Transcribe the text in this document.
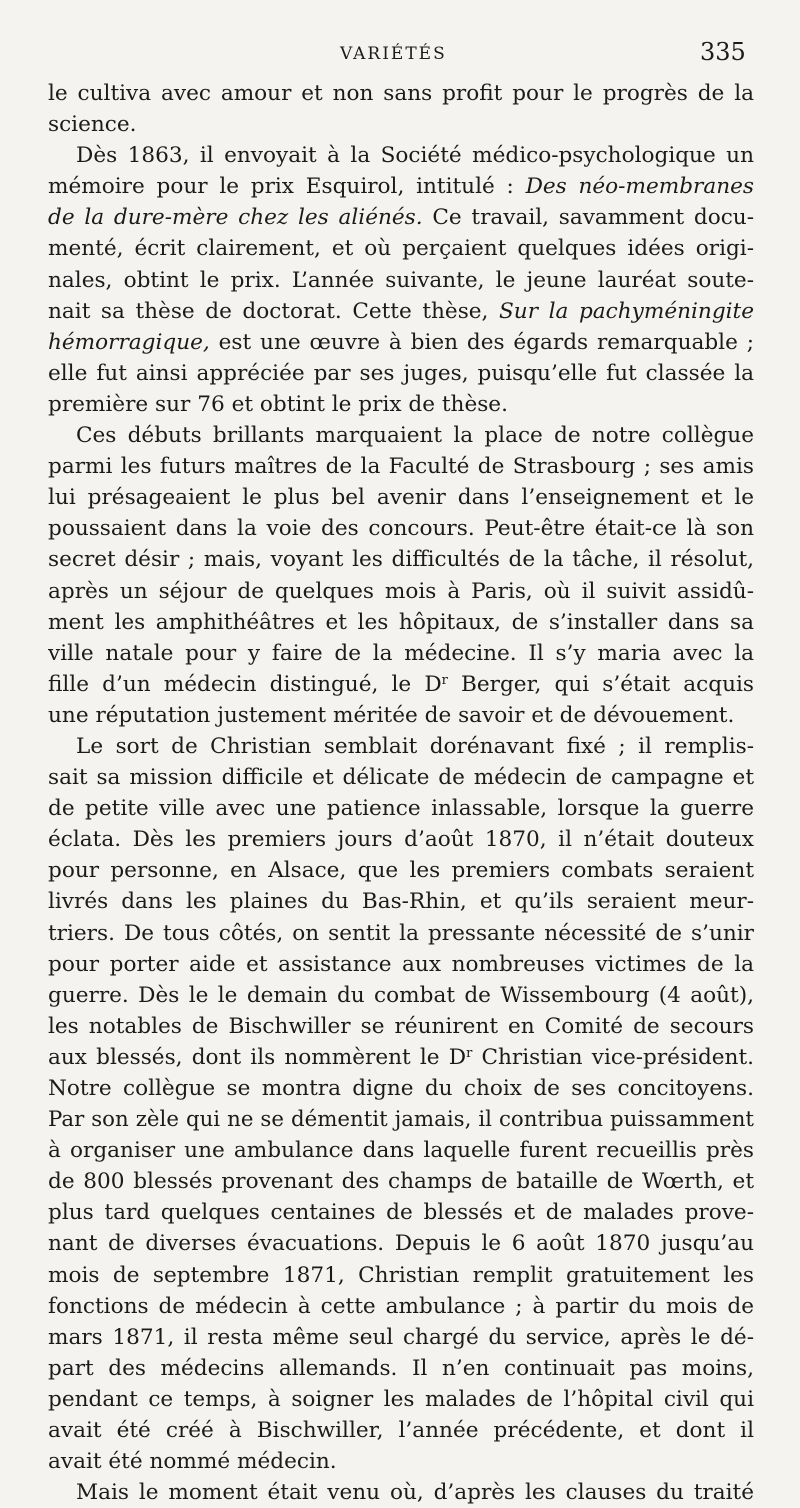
VARIÉTÉS	335
le cultiva avec amour et non sans profit pour le progrès de la
science.
Dès 1863, il envoyait à la Société médico-psychologique un
mémoire pour le prix Esquirol, intitulé : Des néo-membranes
de la dure-mère chez les aliénés. Ce travail, savamment docu-
menté, écrit clairement, et où perçaient quelques idées origi-
nales, obtint le prix. L’année suivante, le jeune lauréat soute-
nait sa thèse de doctorat. Cette thèse, Sur la pachyméningite
hémorragique, est une œuvre à bien des égards remarquable ;
elle fut ainsi appréciée par ses juges, puisqu’elle fut classée la
première sur 76 et obtint le prix de thèse.
Ces débuts brillants marquaient la place de notre collègue
parmi les futurs maîtres de la Faculté de Strasbourg ; ses amis
lui présageaient le plus bel avenir dans l’enseignement et le
poussaient dans la voie des concours. Peut-être était-ce là son
secret désir ; mais, voyant les difficultés de la tâche, il résolut,
après un séjour de quelques mois à Paris, où il suivit assidû-
ment les amphithéâtres et les hôpitaux, de s’installer dans sa
ville natale pour y faire de la médecine. Il s’y maria avec la
fille d’un médecin distingué, le $D^r$ Berger, qui s’était acquis
une réputation justement méritée de savoir et de dévouement.
Le sort de Christian semblait dorénavant fixé ; il remplis-
sait sa mission difficile et délicate de médecin de campagne et
de petite ville avec une patience inlassable, lorsque la guerre
éclata. Dès les premiers jours d’août 1870, il n’était douteux
pour personne, en Alsace, que les premiers combats seraient
livrés dans les plaines du Bas-Rhin, et qu’ils seraient meur-
triers. De tous côtés, on sentit la pressante nécessité de s’unir
pour porter aide et assistance aux nombreuses victimes de la
guerre. Dès le le demain du combat de Wissembourg (4 août),
les notables de Bischwiller se réunirent en Comité de secours
aux blessés, dont ils nommèrent le $D^r$ Christian vice-président.
Notre collègue se montra digne du choix de ses concitoyens.
Par son zèle qui ne se démentit jamais, il contribua puissamment
à organiser une ambulance dans laquelle furent recueillis près
de 800 blessés provenant des champs de bataille de Wœrth, et
plus tard quelques centaines de blessés et de malades prove-
nant de diverses évacuations. Depuis le 6 août 1870 jusqu’au
mois de septembre 1871, Christian remplit gratuitement les
fonctions de médecin à cette ambulance ; à partir du mois de
mars 1871, il resta même seul chargé du service, après le dé-
part des médecins allemands. Il n’en continuait pas moins,
pendant ce temps, à soigner les malades de l’hôpital civil qui
avait été créé à Bischwiller, l’année précédente, et dont il
avait été nommé médecin.
Mais le moment était venu où, d’après les clauses du traité
